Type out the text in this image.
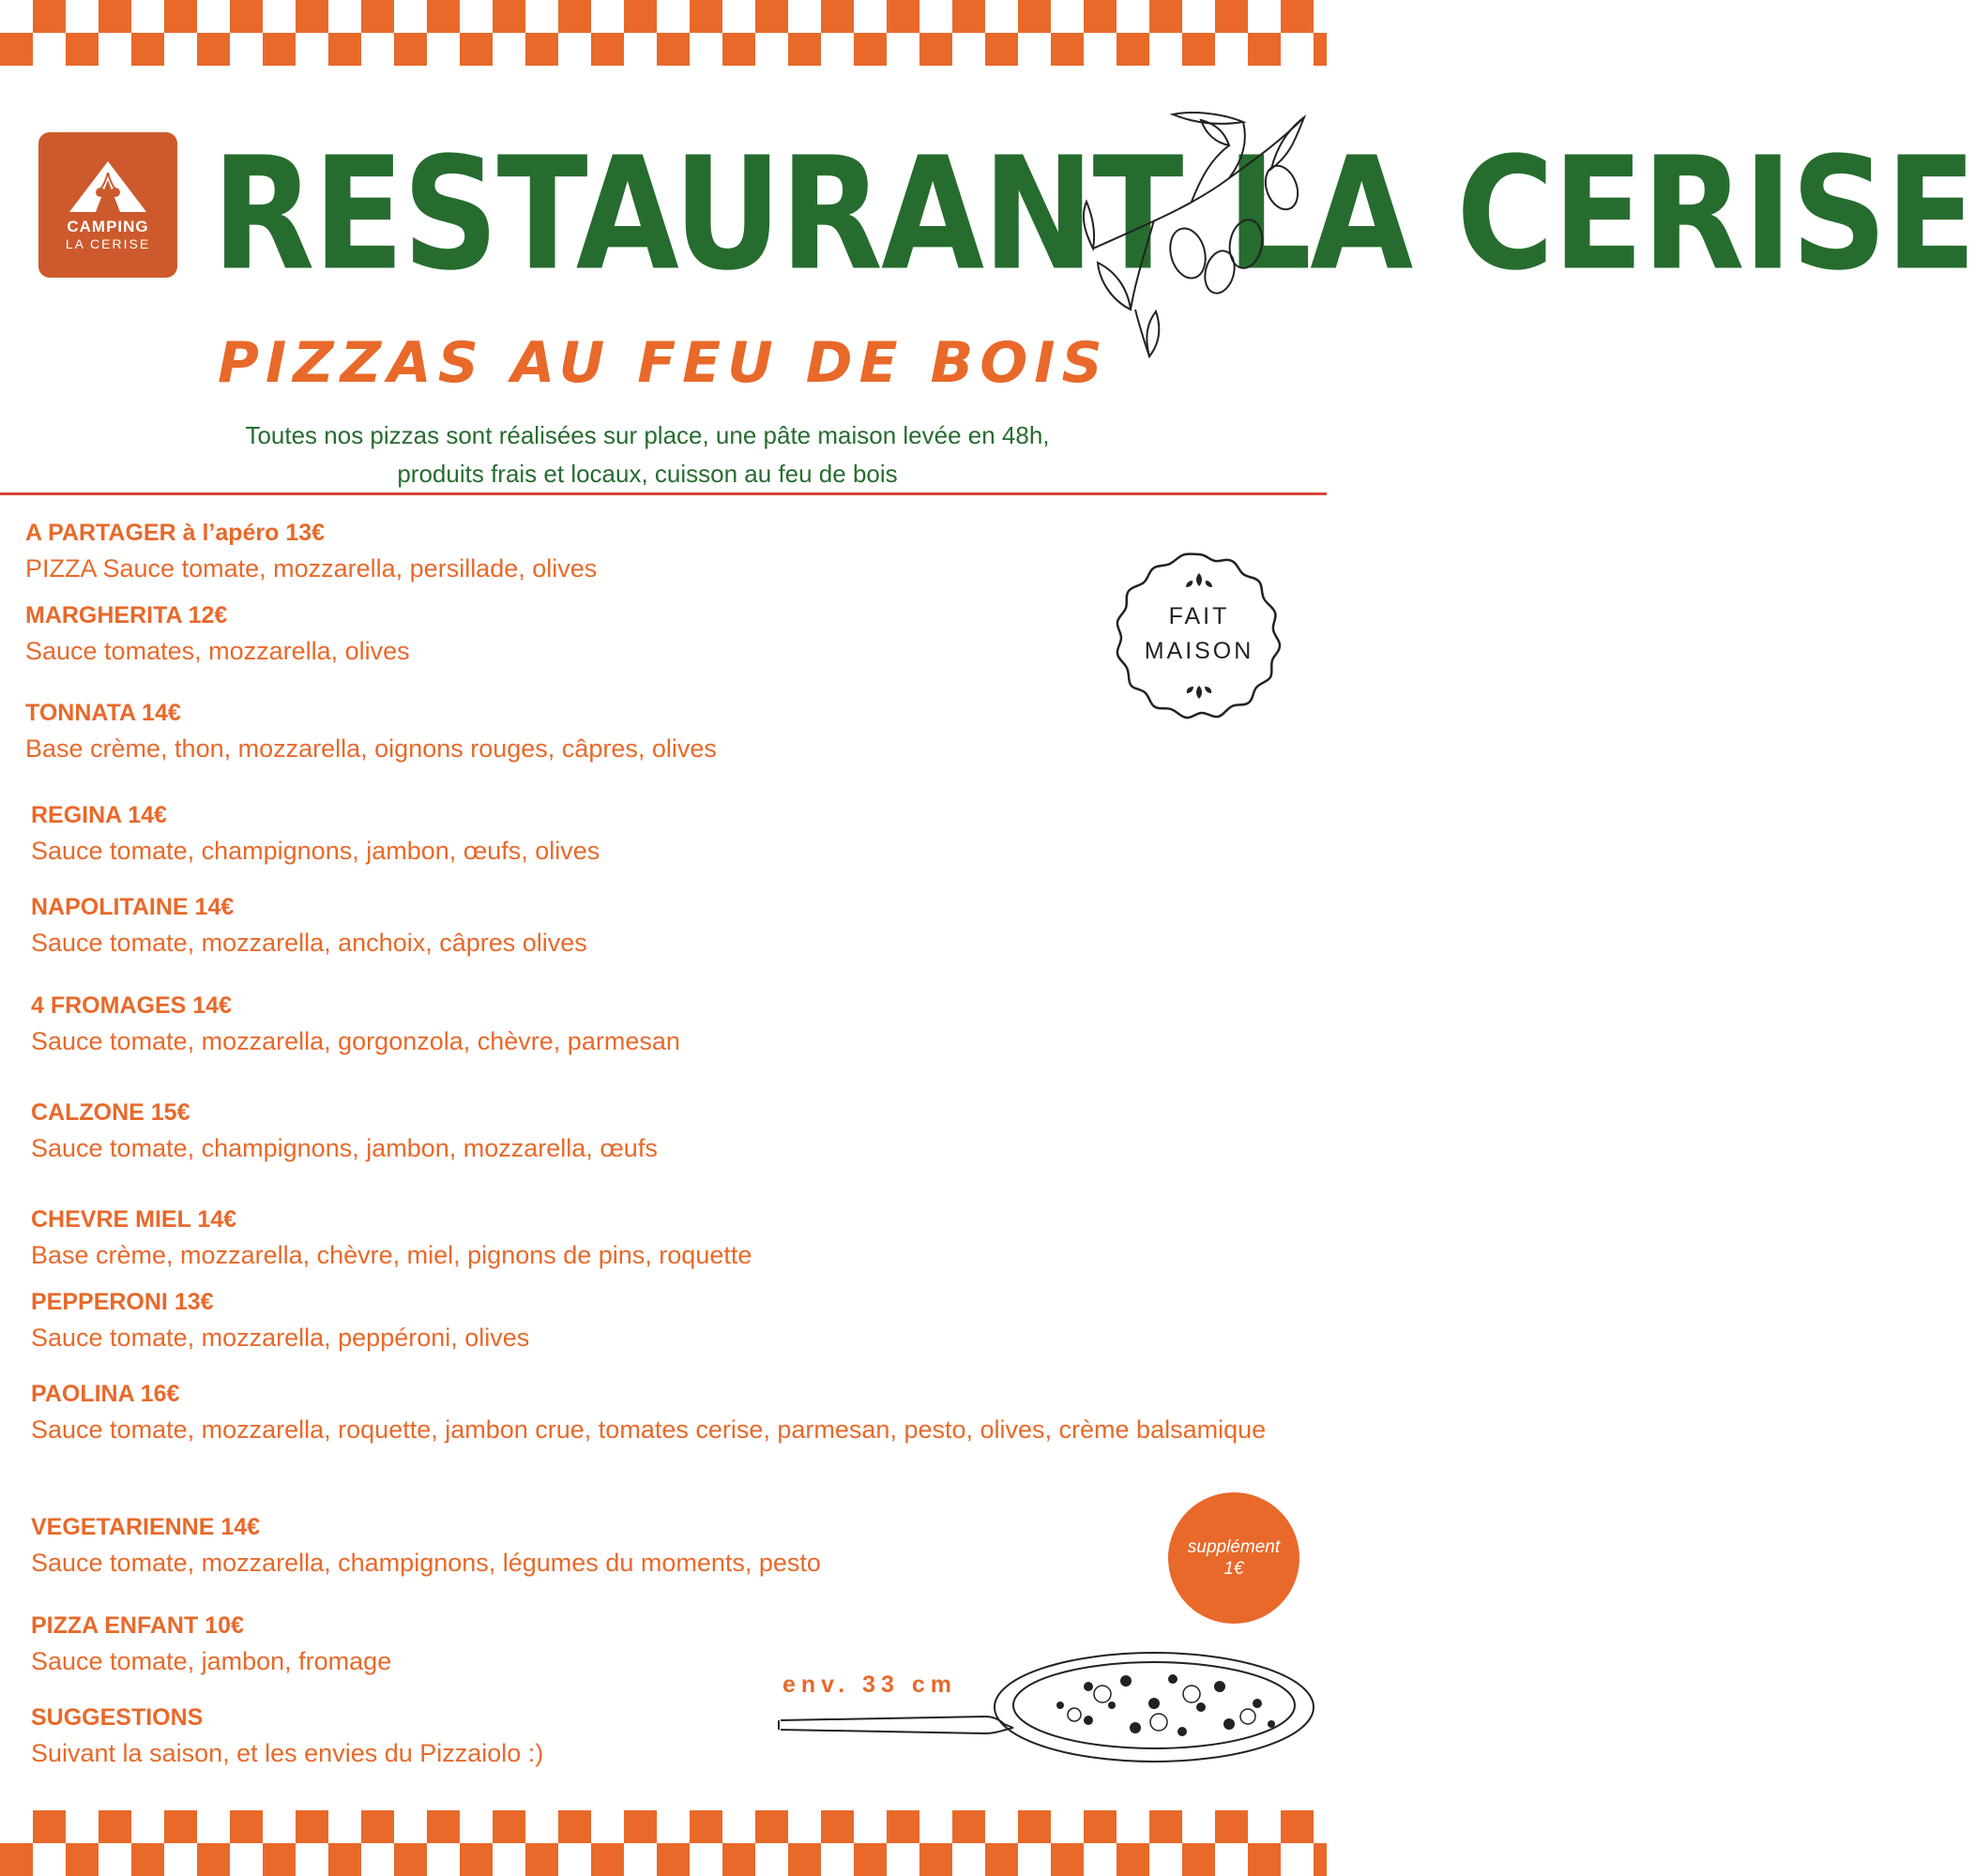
CAMPING
LA CERISE RESTAURANT LA CERISE
PIZZAS AU FEU DE BOIS
Toutes nos pizzas sont réalisées sur place, une pâte maison levée en 48h,
produits frais et locaux, cuisson au feu de bois
FAIT
MAISON
A PARTAGER à l’apéro 13€
PIZZA Sauce tomate, mozzarella, persillade, olives
MARGHERITA 12€
Sauce tomates, mozzarella, olives
TONNATA 14€
Base crème, thon, mozzarella, oignons rouges, câpres, olives
REGINA 14€
Sauce tomate, champignons, jambon, œufs, olives
NAPOLITAINE 14€
Sauce tomate, mozzarella, anchoix, câpres olives
4 FROMAGES 14€
Sauce tomate, mozzarella, gorgonzola, chèvre, parmesan
CALZONE 15€
Sauce tomate, champignons, jambon, mozzarella, œufs
CHEVRE MIEL 14€
Base crème, mozzarella, chèvre, miel, pignons de pins, roquette
PEPPERONI 13€
Sauce tomate, mozzarella, peppéroni, olives
PAOLINA 16€
Sauce tomate, mozzarella, roquette, jambon crue, tomates cerise, parmesan, pesto, olives, crème balsamique
VEGETARIENNE 14€
Sauce tomate, mozzarella, champignons, légumes du moments, pesto
PIZZA ENFANT 10€
Sauce tomate, jambon, fromage
SUGGESTIONS
Suivant la saison, et les envies du Pizzaiolo :)
supplément
1€
env. 33 cm
